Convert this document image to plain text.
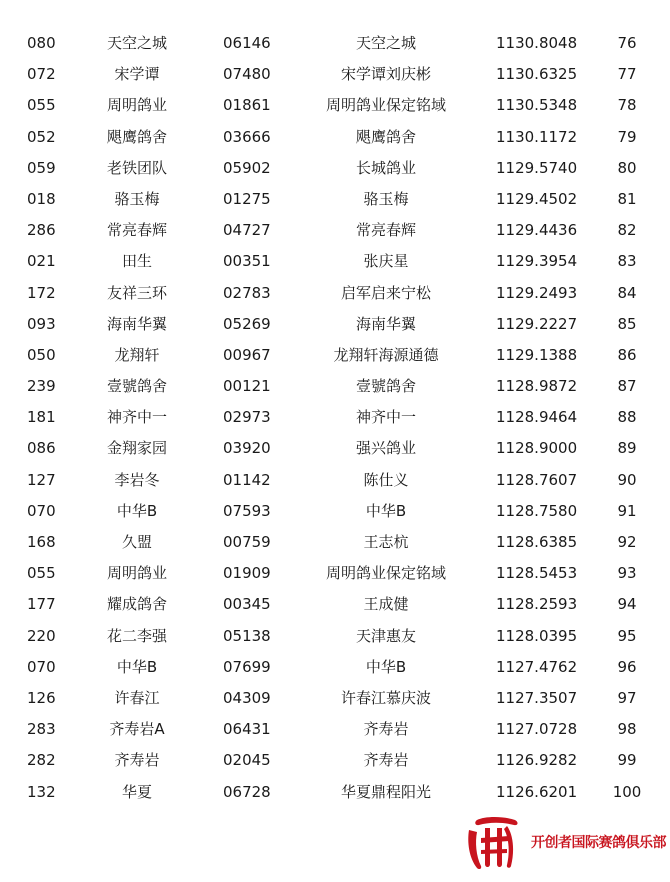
080	天空之城	06146	天空之城	1130.8048	76
072	宋学谭	07480	宋学谭刘庆彬	1130.6325	77
055	周明鸽业	01861	周明鸽业保定铭域	1130.5348	78
052	飓鹰鸽舍	03666	飓鹰鸽舍	1130.1172	79
059	老铁团队	05902	长城鸽业	1129.5740	80
018	骆玉梅	01275	骆玉梅	1129.4502	81
286	常亮春辉	04727	常亮春辉	1129.4436	82
021	田生	00351	张庆星	1129.3954	83
172	友祥三环	02783	启军启来宁松	1129.2493	84
093	海南华翼	05269	海南华翼	1129.2227	85
050	龙翔轩	00967	龙翔轩海源通德	1129.1388	86
239	壹號鸽舍	00121	壹號鸽舍	1128.9872	87
181	神齐中一	02973	神齐中一	1128.9464	88
086	金翔家园	03920	强兴鸽业	1128.9000	89
127	李岩冬	01142	陈仕义	1128.7607	90
070	中华B	07593	中华B	1128.7580	91
168	久盟	00759	王志杭	1128.6385	92
055	周明鸽业	01909	周明鸽业保定铭域	1128.5453	93
177	耀成鸽舍	00345	王成健	1128.2593	94
220	花二李强	05138	天津惠友	1128.0395	95
070	中华B	07699	中华B	1127.4762	96
126	许春江	04309	许春江慕庆波	1127.3507	97
283	齐寿岩A	06431	齐寿岩	1127.0728	98
282	齐寿岩	02045	齐寿岩	1126.9282	99
132	华夏	06728	华夏鼎程阳光	1126.6201 100
开创者国际赛鸽俱乐部
